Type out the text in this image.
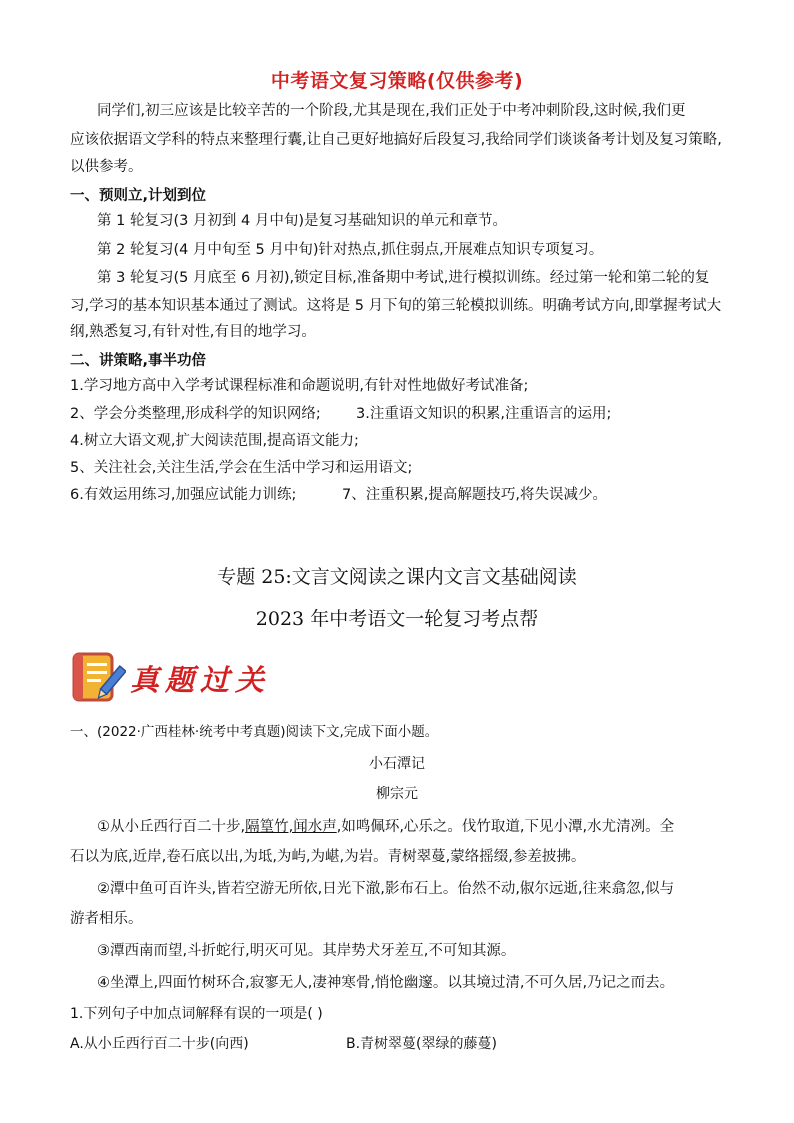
中考语文复习策略(仅供参考)
同学们,初三应该是比较辛苦的一个阶段,尤其是现在,我们正处于中考冲刺阶段,这时候,我们更
应该依据语文学科的特点来整理行囊,让自己更好地搞好后段复习,我给同学们谈谈备考计划及复习策略,
以供参考。
一、预则立,计划到位
第 1 轮复习(3 月初到 4 月中旬)是复习基础知识的单元和章节。
第 2 轮复习(4 月中旬至 5 月中旬)针对热点,抓住弱点,开展难点知识专项复习。
第 3 轮复习(5 月底至 6 月初),锁定目标,准备期中考试,进行模拟训练。经过第一轮和第二轮的复
习,学习的基本知识基本通过了测试。这将是 5 月下旬的第三轮模拟训练。明确考试方向,即掌握考试大
纲,熟悉复习,有针对性,有目的地学习。
二、讲策略,事半功倍
1.学习地方高中入学考试课程标准和命题说明,有针对性地做好考试准备;
2、学会分类整理,形成科学的知识网络; 3.注重语文知识的积累,注重语言的运用;
4.树立大语文观,扩大阅读范围,提高语文能力;
5、关注社会,关注生活,学会在生活中学习和运用语文;
6.有效运用练习,加强应试能力训练;	7、注重积累,提高解题技巧,将失误减少。
专题 25:文言文阅读之课内文言文基础阅读
2023 年中考语文一轮复习考点帮
真题过关
一、(2022·广西桂林·统考中考真题)阅读下文,完成下面小题。
小石潭记
柳宗元
①从小丘西行百二十步,隔篁竹,闻水声,如鸣佩环,心乐之。伐竹取道,下见小潭,水尤清冽。全
石以为底,近岸,卷石底以出,为坻,为屿,为嵁,为岩。青树翠蔓,蒙络摇缀,参差披拂。
②潭中鱼可百许头,皆若空游无所依,日光下澈,影布石上。佁然不动,俶尔远逝,往来翕忽,似与
游者相乐。
③潭西南而望,斗折蛇行,明灭可见。其岸势犬牙差互,不可知其源。
④坐潭上,四面竹树环合,寂寥无人,凄神寒骨,悄怆幽邃。以其境过清,不可久居,乃记之而去。
1.下列句子中加点词解释有误的一项是( )
A.从小丘西行百二十步(向西)	B.青树翠蔓(翠绿的藤蔓)
